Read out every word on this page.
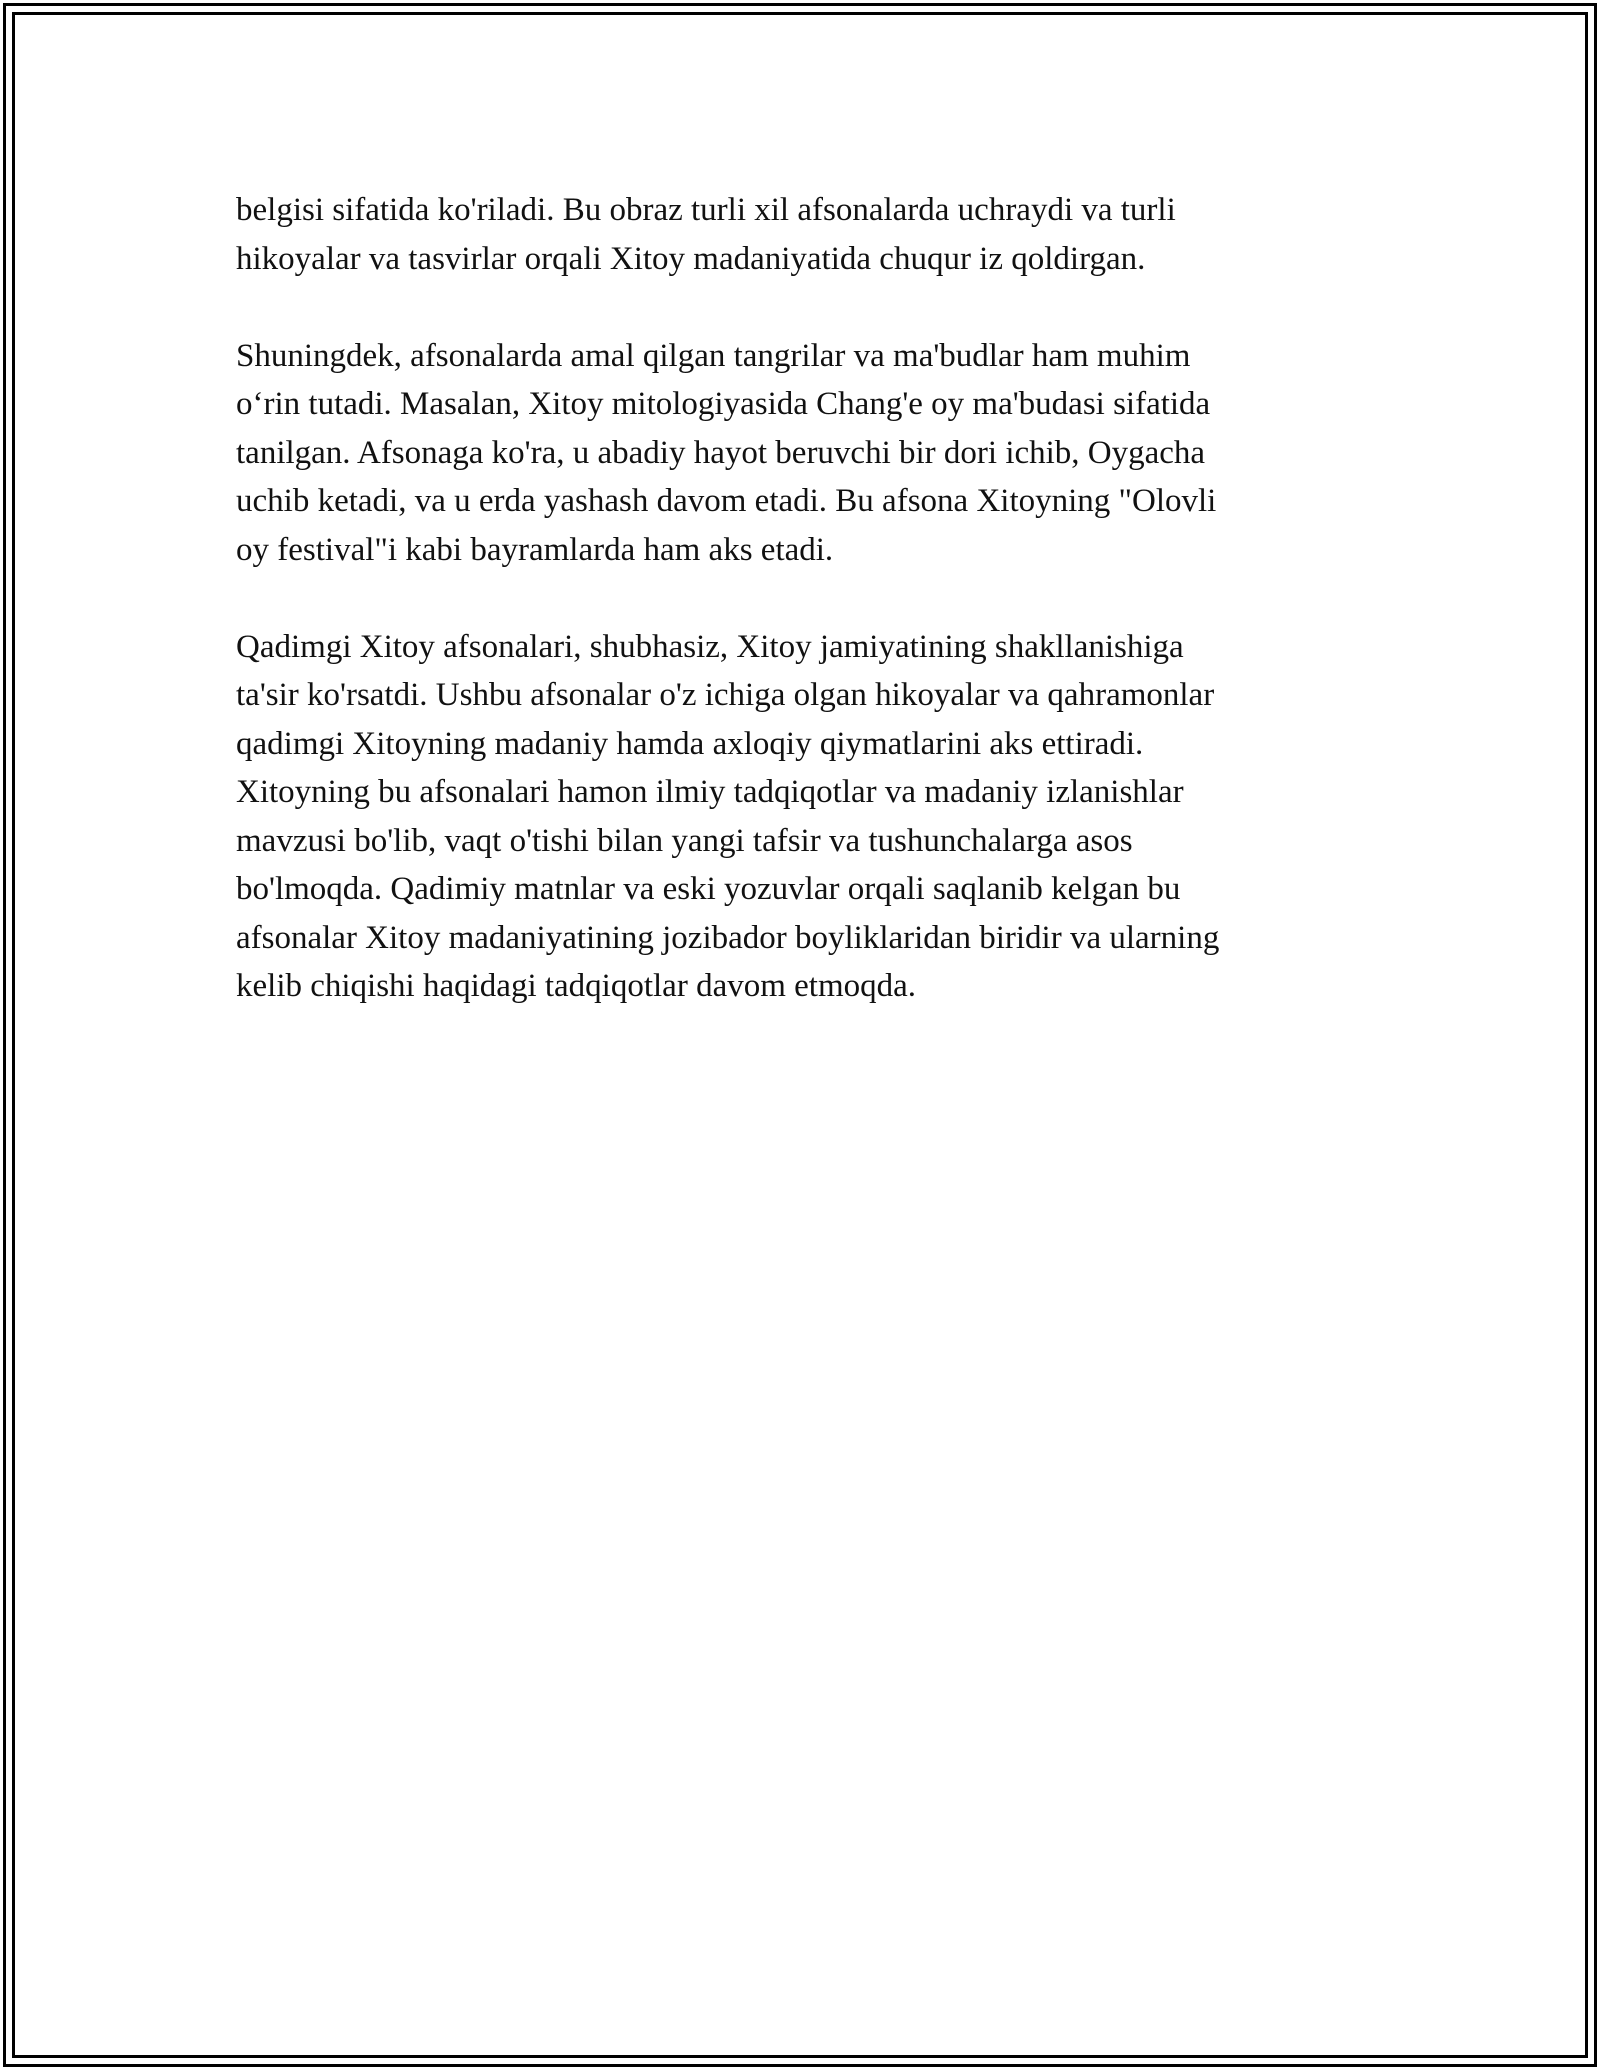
belgisi sifatida ko'riladi. Bu obraz turli xil afsonalarda uchraydi va turli
hikoyalar va tasvirlar orqali Xitoy madaniyatida chuqur iz qoldirgan.

Shuningdek, afsonalarda amal qilgan tangrilar va ma'budlar ham muhim
o‘rin tutadi. Masalan, Xitoy mitologiyasida Chang'e oy ma'budasi sifatida
tanilgan. Afsonaga ko'ra, u abadiy hayot beruvchi bir dori ichib, Oygacha
uchib ketadi, va u erda yashash davom etadi. Bu afsona Xitoyning "Olovli
oy festival"i kabi bayramlarda ham aks etadi.

Qadimgi Xitoy afsonalari, shubhasiz, Xitoy jamiyatining shakllanishiga
ta'sir ko'rsatdi. Ushbu afsonalar o'z ichiga olgan hikoyalar va qahramonlar
qadimgi Xitoyning madaniy hamda axloqiy qiymatlarini aks ettiradi.
Xitoyning bu afsonalari hamon ilmiy tadqiqotlar va madaniy izlanishlar
mavzusi bo'lib, vaqt o'tishi bilan yangi tafsir va tushunchalarga asos
bo'lmoqda. Qadimiy matnlar va eski yozuvlar orqali saqlanib kelgan bu
afsonalar Xitoy madaniyatining jozibador boyliklaridan biridir va ularning
kelib chiqishi haqidagi tadqiqotlar davom etmoqda.
